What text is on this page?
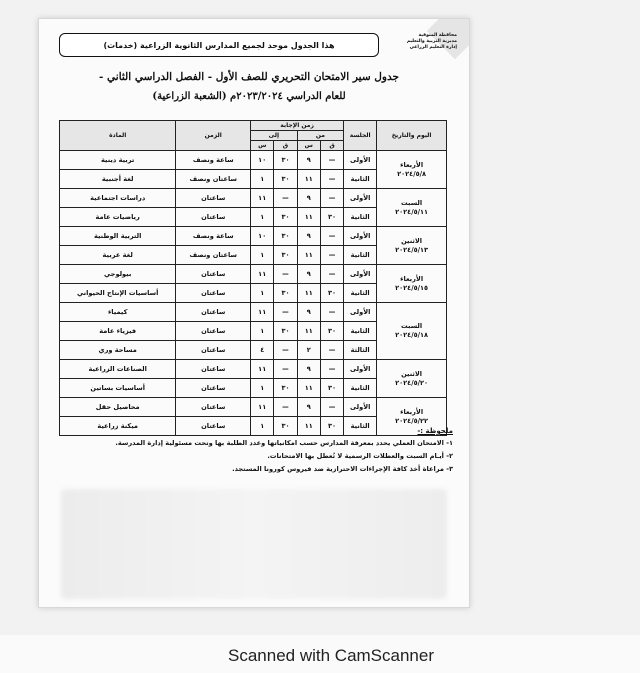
محافظة المنوفية
مديرية التربية والتعليم
إدارة التعليم الزراعي
هذا الجدول موحد لجميع المدارس الثانوية الزراعية (خدمات)
جدول سير الامتحان التحريري للصف الأول - الفصل الدراسي الثاني -
للعام الدراسي ٢٠٢٣/٢٠٢٤م (الشعبة الزراعية)
اليوم والتاريخ	الجلسة	زمن الإجابة				الزمن	المادة
		من		إلى			
		ق	س	ق	س		
الأربعاء
٢٠٢٤/٥/٨	الأولى	—	٩	٣٠	١٠	ساعة ونصف	تربية دينية
	الثانية	—	١١	٣٠	١	ساعتان ونصف	لغة أجنبية
السبت
٢٠٢٤/٥/١١	الأولى	—	٩	—	١١	ساعتان	دراسات اجتماعية
	الثانية	٣٠	١١	٣٠	١	ساعتان	رياضيات عامة
الاثنين
٢٠٢٤/٥/١٣	الأولى	—	٩	٣٠	١٠	ساعة ونصف	التربية الوطنية
	الثانية	—	١١	٣٠	١	ساعتان ونصف	لغة عربية
الأربعاء
٢٠٢٤/٥/١٥	الأولى	—	٩	—	١١	ساعتان	بيولوجي
	الثانية	٣٠	١١	٣٠	١	ساعتان	أساسيات الإنتاج الحيواني
السبت
٢٠٢٤/٥/١٨	الأولى	—	٩	—	١١	ساعتان	كيمياء
	الثانية	٣٠	١١	٣٠	١	ساعتان	فيزياء عامة
	الثالثة	—	٢	—	٤	ساعتان	مساحة وري
الاثنين
٢٠٢٤/٥/٢٠	الأولى	—	٩	—	١١	ساعتان	الصناعات الزراعية
	الثانية	٣٠	١١	٣٠	١	ساعتان	أساسيات بساتين
الأربعاء
٢٠٢٤/٥/٢٢	الأولى	—	٩	—	١١	ساعتان	محاصيل حقل
	الثانية	٣٠	١١	٣٠	١	ساعتان	ميكنة زراعية
ملحوظة :-
١- الامتحان العملي يحدد بمعرفة المدارس حسب امكانياتها وعدد الطلبة بها وتحت مسئولية إدارة المدرسة.
٢- أيـام السبت والعطلات الرسمية لا تُعطل بها الامتحانات.
٣- مراعاة أخذ كافة الإجراءات الاحترازية ضد فيروس كورونا المستجد.
Scanned with CamScanner
